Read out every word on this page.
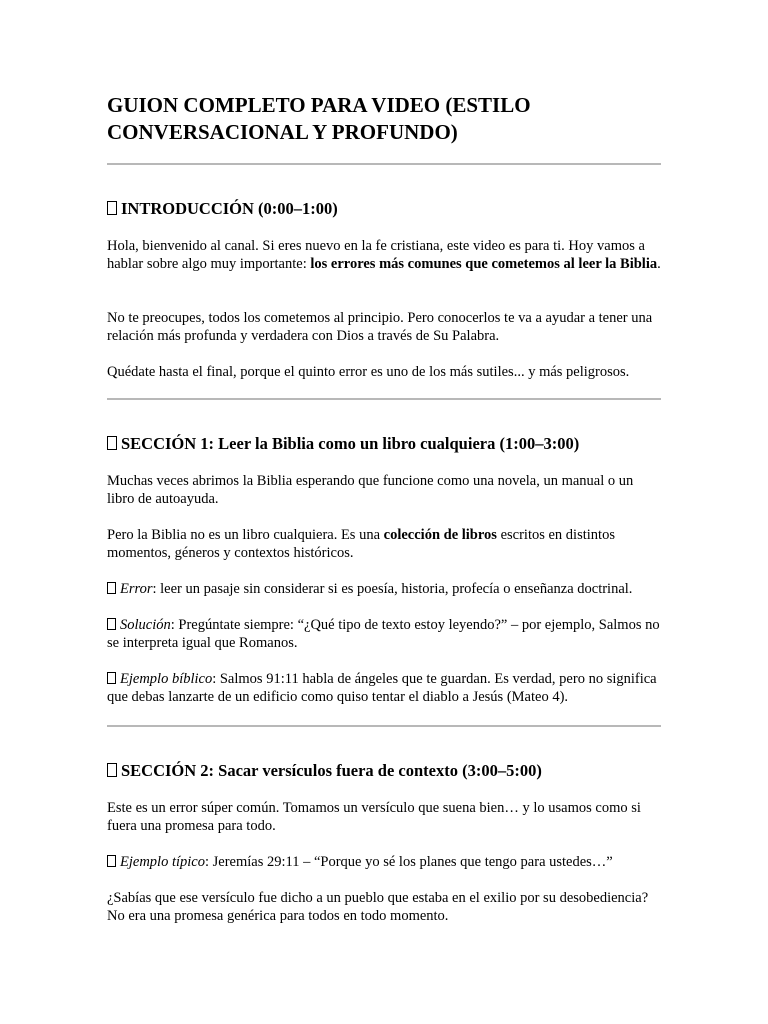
GUION COMPLETO PARA VIDEO (ESTILO CONVERSACIONAL Y PROFUNDO)
INTRODUCCIÓN (0:00–1:00)

Hola, bienvenido al canal. Si eres nuevo en la fe cristiana, este video es para ti. Hoy vamos a hablar sobre algo muy importante: los errores más comunes que cometemos al leer la Biblia.

No te preocupes, todos los cometemos al principio. Pero conocerlos te va a ayudar a tener una relación más profunda y verdadera con Dios a través de Su Palabra.

Quédate hasta el final, porque el quinto error es uno de los más sutiles... y más peligrosos.

SECCIÓN 1: Leer la Biblia como un libro cualquiera (1:00–3:00)

Muchas veces abrimos la Biblia esperando que funcione como una novela, un manual o un libro de autoayuda.

Pero la Biblia no es un libro cualquiera. Es una colección de libros escritos en distintos momentos, géneros y contextos históricos.

Error: leer un pasaje sin considerar si es poesía, historia, profecía o enseñanza doctrinal.

Solución: Pregúntate siempre: “¿Qué tipo de texto estoy leyendo?” – por ejemplo, Salmos no se interpreta igual que Romanos.

Ejemplo bíblico: Salmos 91:11 habla de ángeles que te guardan. Es verdad, pero no significa que debas lanzarte de un edificio como quiso tentar el diablo a Jesús (Mateo 4).

SECCIÓN 2: Sacar versículos fuera de contexto (3:00–5:00)

Este es un error súper común. Tomamos un versículo que suena bien… y lo usamos como si fuera una promesa para todo.

Ejemplo típico: Jeremías 29:11 – “Porque yo sé los planes que tengo para ustedes…”

¿Sabías que ese versículo fue dicho a un pueblo que estaba en el exilio por su desobediencia? No era una promesa genérica para todos en todo momento.
